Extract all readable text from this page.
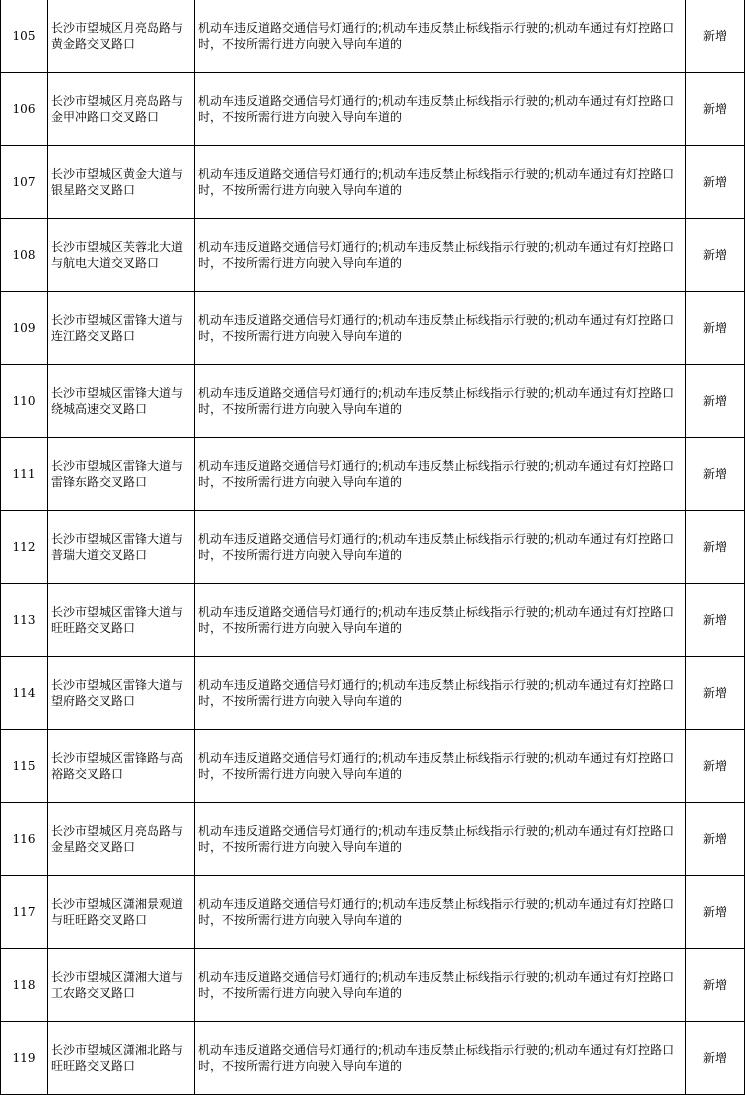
105	长沙市望城区月亮岛路与黄金路交叉路口	机动车违反道路交通信号灯通行的;机动车违反禁止标线指示行驶的;机动车通过有灯控路口时，不按所需行进方向驶入导向车道的	新增
106	长沙市望城区月亮岛路与金甲冲路口交叉路口	机动车违反道路交通信号灯通行的;机动车违反禁止标线指示行驶的;机动车通过有灯控路口时，不按所需行进方向驶入导向车道的	新增
107	长沙市望城区黄金大道与银星路交叉路口	机动车违反道路交通信号灯通行的;机动车违反禁止标线指示行驶的;机动车通过有灯控路口时，不按所需行进方向驶入导向车道的	新增
108	长沙市望城区芙蓉北大道与航电大道交叉路口	机动车违反道路交通信号灯通行的;机动车违反禁止标线指示行驶的;机动车通过有灯控路口时，不按所需行进方向驶入导向车道的	新增
109	长沙市望城区雷锋大道与连江路交叉路口	机动车违反道路交通信号灯通行的;机动车违反禁止标线指示行驶的;机动车通过有灯控路口时，不按所需行进方向驶入导向车道的	新增
110	长沙市望城区雷锋大道与绕城高速交叉路口	机动车违反道路交通信号灯通行的;机动车违反禁止标线指示行驶的;机动车通过有灯控路口时，不按所需行进方向驶入导向车道的	新增
111	长沙市望城区雷锋大道与雷锋东路交叉路口	机动车违反道路交通信号灯通行的;机动车违反禁止标线指示行驶的;机动车通过有灯控路口时，不按所需行进方向驶入导向车道的	新增
112	长沙市望城区雷锋大道与普瑞大道交叉路口	机动车违反道路交通信号灯通行的;机动车违反禁止标线指示行驶的;机动车通过有灯控路口时，不按所需行进方向驶入导向车道的	新增
113	长沙市望城区雷锋大道与旺旺路交叉路口	机动车违反道路交通信号灯通行的;机动车违反禁止标线指示行驶的;机动车通过有灯控路口时，不按所需行进方向驶入导向车道的	新增
114	长沙市望城区雷锋大道与望府路交叉路口	机动车违反道路交通信号灯通行的;机动车违反禁止标线指示行驶的;机动车通过有灯控路口时，不按所需行进方向驶入导向车道的	新增
115	长沙市望城区雷锋路与高裕路交叉路口	机动车违反道路交通信号灯通行的;机动车违反禁止标线指示行驶的;机动车通过有灯控路口时，不按所需行进方向驶入导向车道的	新增
116	长沙市望城区月亮岛路与金星路交叉路口	机动车违反道路交通信号灯通行的;机动车违反禁止标线指示行驶的;机动车通过有灯控路口时，不按所需行进方向驶入导向车道的	新增
117	长沙市望城区潇湘景观道与旺旺路交叉路口	机动车违反道路交通信号灯通行的;机动车违反禁止标线指示行驶的;机动车通过有灯控路口时，不按所需行进方向驶入导向车道的	新增
118	长沙市望城区潇湘大道与工农路交叉路口	机动车违反道路交通信号灯通行的;机动车违反禁止标线指示行驶的;机动车通过有灯控路口时，不按所需行进方向驶入导向车道的	新增
119	长沙市望城区潇湘北路与旺旺路交叉路口	机动车违反道路交通信号灯通行的;机动车违反禁止标线指示行驶的;机动车通过有灯控路口时，不按所需行进方向驶入导向车道的	新增
